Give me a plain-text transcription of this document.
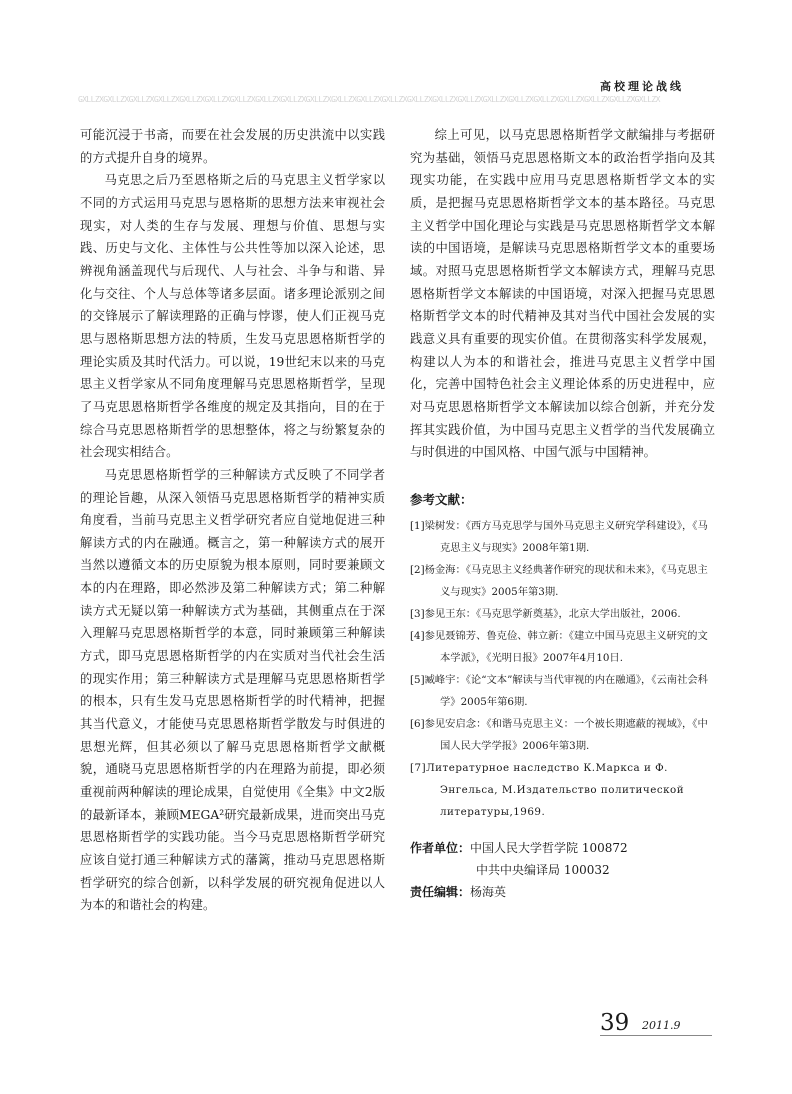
高校理论战线
GXLLZXGXLLZXGXLLZXGXLLZXGXLLZXGXLLZXGXLLZXGXLLZXGXLLZXGXLLZXGXLLZXGXLLZXGXLLZXGXLLZXGXLLZXGXLLZXGXLLZXGXLLZXGXLLZXGXLLZXGXLLZXGXLLZXGXLLZX

可能沉浸于书斋，而要在社会发展的历史洪流中以实践的方式提升自身的境界。

马克思之后乃至恩格斯之后的马克思主义哲学家以不同的方式运用马克思与恩格斯的思想方法来审视社会现实，对人类的生存与发展、理想与价值、思想与实践、历史与文化、主体性与公共性等加以深入论述，思辨视角涵盖现代与后现代、人与社会、斗争与和谐、异化与交往、个人与总体等诸多层面。诸多理论派别之间的交锋展示了解读理路的正确与悖谬，使人们正视马克思与恩格斯思想方法的特质，生发马克思恩格斯哲学的理论实质及其时代活力。可以说，19世纪末以来的马克思主义哲学家从不同角度理解马克思恩格斯哲学，呈现了马克思恩格斯哲学各维度的规定及其指向，目的在于综合马克思恩格斯哲学的思想整体，将之与纷繁复杂的社会现实相结合。

马克思恩格斯哲学的三种解读方式反映了不同学者的理论旨趣，从深入领悟马克思恩格斯哲学的精神实质角度看，当前马克思主义哲学研究者应自觉地促进三种解读方式的内在融通。概言之，第一种解读方式的展开当然以遵循文本的历史原貌为根本原则，同时要兼顾文本的内在理路，即必然涉及第二种解读方式；第二种解读方式无疑以第一种解读方式为基础，其侧重点在于深入理解马克思恩格斯哲学的本意，同时兼顾第三种解读方式，即马克思恩格斯哲学的内在实质对当代社会生活的现实作用；第三种解读方式是理解马克思恩格斯哲学的根本，只有生发马克思恩格斯哲学的时代精神，把握其当代意义，才能使马克思恩格斯哲学散发与时俱进的思想光辉，但其必须以了解马克思恩格斯哲学文献概貌，通晓马克思恩格斯哲学的内在理路为前提，即必须重视前两种解读的理论成果，自觉使用《全集》中文2版的最新译本，兼顾MEGA²研究最新成果，进而突出马克思恩格斯哲学的实践功能。当今马克思恩格斯哲学研究应该自觉打通三种解读方式的藩篱，推动马克思恩格斯哲学研究的综合创新，以科学发展的研究视角促进以人为本的和谐社会的构建。

综上可见，以马克思恩格斯哲学文献编排与考据研究为基础，领悟马克思恩格斯文本的政治哲学指向及其现实功能，在实践中应用马克思恩格斯哲学文本的实质，是把握马克思恩格斯哲学文本的基本路径。马克思主义哲学中国化理论与实践是马克思恩格斯哲学文本解读的中国语境，是解读马克思恩格斯哲学文本的重要场域。对照马克思恩格斯哲学文本解读方式，理解马克思恩格斯哲学文本解读的中国语境，对深入把握马克思恩格斯哲学文本的时代精神及其对当代中国社会发展的实践意义具有重要的现实价值。在贯彻落实科学发展观，构建以人为本的和谐社会，推进马克思主义哲学中国化，完善中国特色社会主义理论体系的历史进程中，应对马克思恩格斯哲学文本解读加以综合创新，并充分发挥其实践价值，为中国马克思主义哲学的当代发展确立与时俱进的中国风格、中国气派与中国精神。

参考文献：
[1]梁树发：《西方马克思学与国外马克思主义研究学科建设》，《马克思主义与现实》2008年第1期.
[2]杨金海：《马克思主义经典著作研究的现状和未来》，《马克思主义与现实》2005年第3期.
[3]参见王东：《马克思学新奠基》，北京大学出版社，2006.
[4]参见聂锦芳、鲁克俭、韩立新：《建立中国马克思主义研究的文本学派》，《光明日报》2007年4月10日.
[5]臧峰宇：《论“文本”解读与当代审视的内在融通》，《云南社会科学》2005年第6期.
[6]参见安启念：《和谐马克思主义：一个被长期遮蔽的视域》，《中国人民大学学报》2006年第3期.
[7]Литературное наследство К.Маркса и Ф. Энгельса, М.Издательство политической литературы,1969.
作者单位：中国人民大学哲学院 100872
中共中央编译局 100032
责任编辑：杨海英
39 2011.9
